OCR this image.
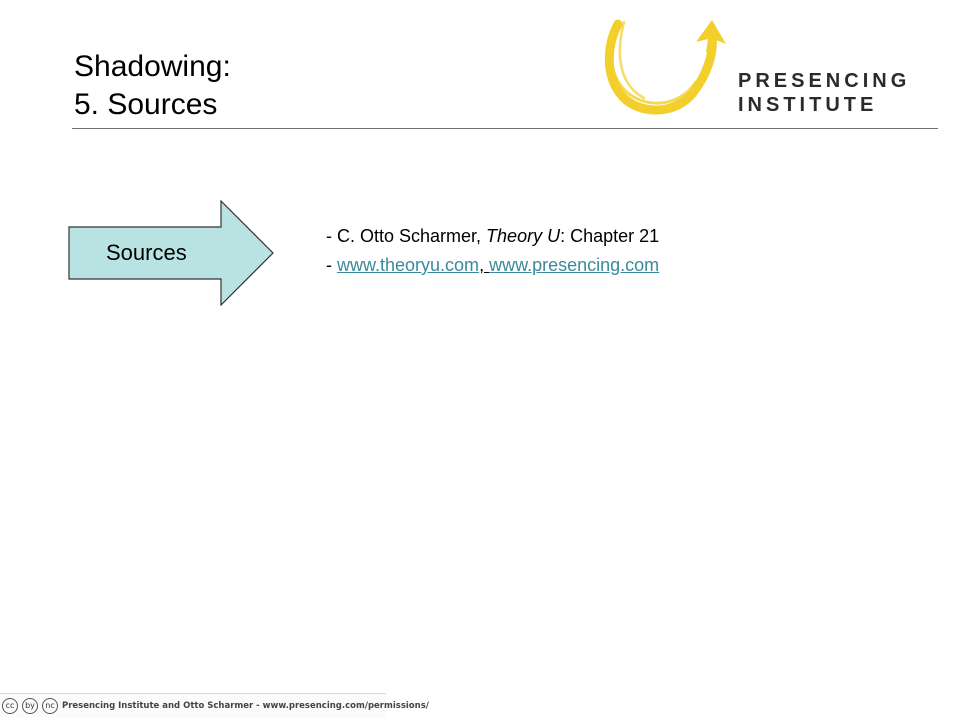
Shadowing:
5. Sources
PRESENCING
INSTITUTE
Sources
- C. Otto Scharmer, Theory U: Chapter 21
- www.theoryu.com, www.presencing.com
cc by nc Presencing Institute and Otto Scharmer - www.presencing.com/permissions/
